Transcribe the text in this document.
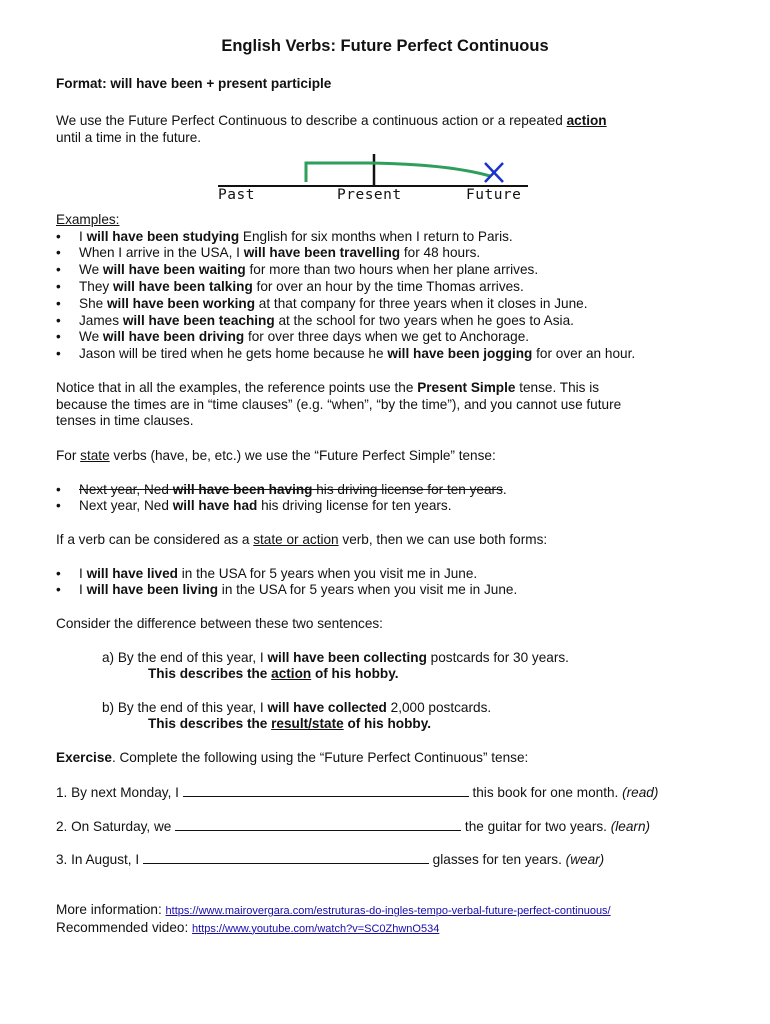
English Verbs: Future Perfect Continuous
Format: will have been + present participle
We use the Future Perfect Continuous to describe a continuous action or a repeated action
until a time in the future.
Past	Present	Future
Examples:
• I will have been studying English for six months when I return to Paris.
• When I arrive in the USA, I will have been travelling for 48 hours.
• We will have been waiting for more than two hours when her plane arrives.
• They will have been talking for over an hour by the time Thomas arrives.
• She will have been working at that company for three years when it closes in June.
• James will have been teaching at the school for two years when he goes to Asia.
• We will have been driving for over three days when we get to Anchorage.
• Jason will be tired when he gets home because he will have been jogging for over an hour.
Notice that in all the examples, the reference points use the Present Simple tense. This is
because the times are in “time clauses” (e.g. “when”, “by the time”), and you cannot use future
tenses in time clauses.
For state verbs (have, be, etc.) we use the “Future Perfect Simple” tense:
• Next year, Ned will have been having his driving license for ten years.
• Next year, Ned will have had his driving license for ten years.
If a verb can be considered as a state or action verb, then we can use both forms:
• I will have lived in the USA for 5 years when you visit me in June.
• I will have been living in the USA for 5 years when you visit me in June.
Consider the difference between these two sentences:
a) By the end of this year, I will have been collecting postcards for 30 years.
This describes the action of his hobby.
b) By the end of this year, I will have collected 2,000 postcards.
This describes the result/state of his hobby.
Exercise. Complete the following using the “Future Perfect Continuous” tense:
1. By next Monday, I	this book for one month. (read)
2. On Saturday, we	the guitar for two years. (learn)
3. In August, I	glasses for ten years. (wear)
More information: https://www.mairovergara.com/estruturas-do-ingles-tempo-verbal-future-perfect-continuous/
Recommended video: https://www.youtube.com/watch?v=SC0ZhwnO534
